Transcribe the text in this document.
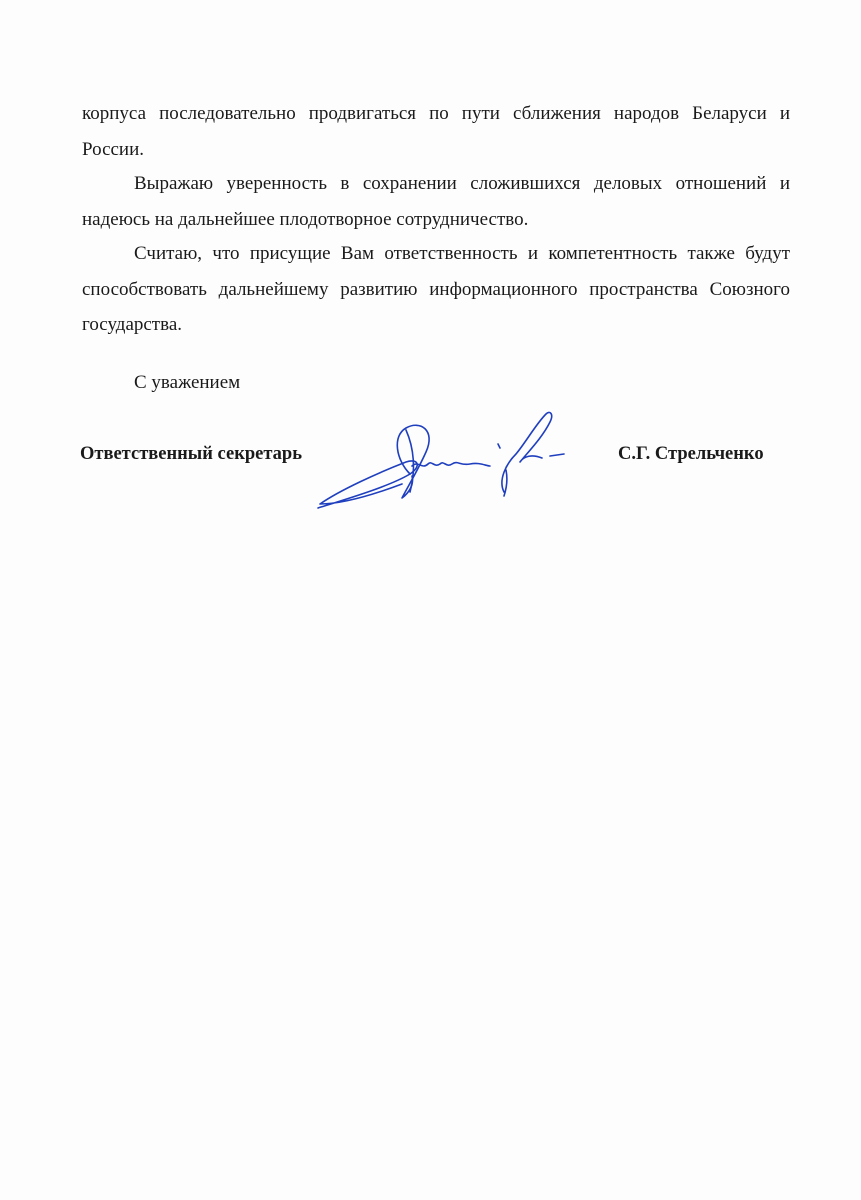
корпуса последовательно продвигаться по пути сближения народов Беларуси и России.

Выражаю уверенность в сохранении сложившихся деловых отношений и надеюсь на дальнейшее плодотворное сотрудничество.

Считаю, что присущие Вам ответственность и компетентность также будут способствовать дальнейшему развитию информационного пространства Союзного государства.

С уважением

Ответственный секретарь	С.Г. Стрельченко
